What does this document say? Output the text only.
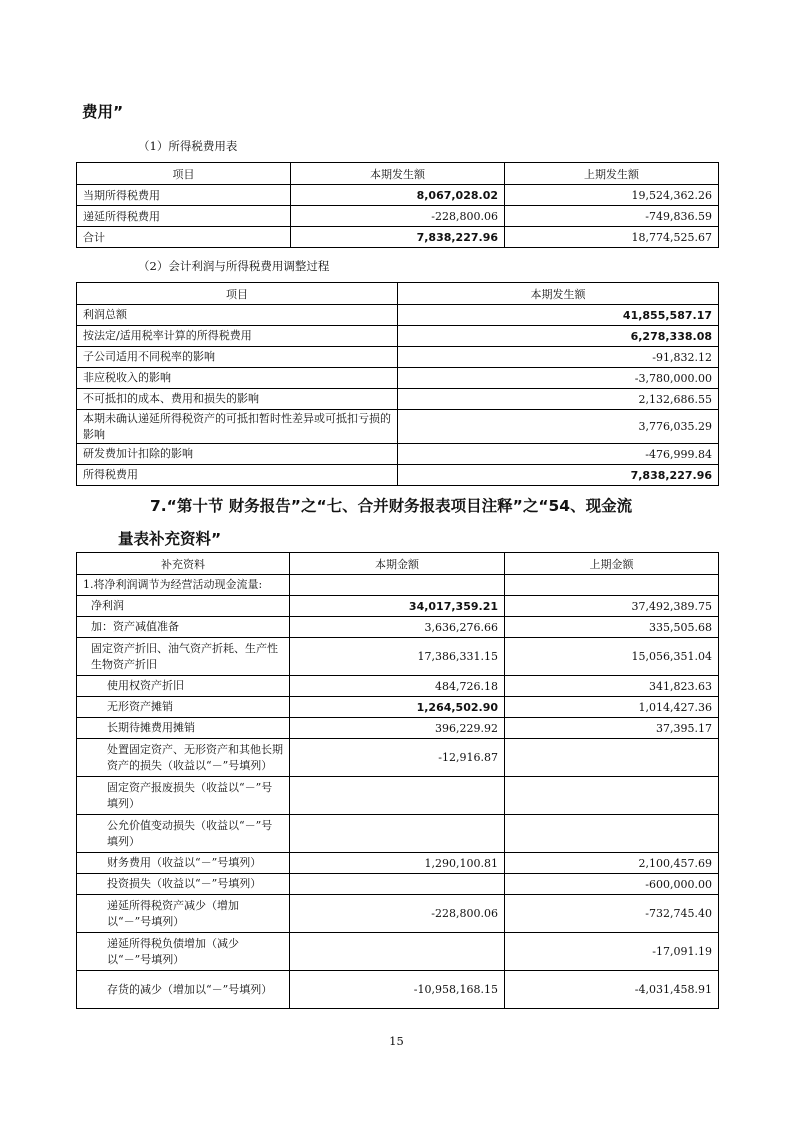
费用”
（1）所得税费用表
项目	本期发生额	上期发生额
当期所得税费用	8,067,028.02	19,524,362.26
递延所得税费用	-228,800.06	-749,836.59
合计	7,838,227.96	18,774,525.67
（2）会计利润与所得税费用调整过程
项目	本期发生额
利润总额	41,855,587.17
按法定/适用税率计算的所得税费用	6,278,338.08
子公司适用不同税率的影响	-91,832.12
非应税收入的影响	-3,780,000.00
不可抵扣的成本、费用和损失的影响	2,132,686.55
本期未确认递延所得税资产的可抵扣暂时性差异或可抵扣亏损的影响	3,776,035.29
研发费加计扣除的影响	-476,999.84
所得税费用	7,838,227.96
7.“第十节 财务报告”之“七、合并财务报表项目注释”之“54、现金流
量表补充资料”
补充资料	本期金额	上期金额
1.将净利润调节为经营活动现金流量:		
净利润	34,017,359.21	37,492,389.75
加：资产减值准备	3,636,276.66	335,505.68
固定资产折旧、油气资产折耗、生产性生物资产折旧	17,386,331.15	15,056,351.04
使用权资产折旧	484,726.18	341,823.63
无形资产摊销	1,264,502.90	1,014,427.36
长期待摊费用摊销	396,229.92	37,395.17
处置固定资产、无形资产和其他长期资产的损失（收益以“－”号填列）	-12,916.87	
固定资产报废损失（收益以“－”号填列）		
公允价值变动损失（收益以“－”号填列）		
财务费用（收益以“－”号填列）	1,290,100.81	2,100,457.69
投资损失（收益以“－”号填列）		-600,000.00
递延所得税资产减少（增加以“－”号填列）	-228,800.06	-732,745.40
递延所得税负债增加（减少以“－”号填列）		-17,091.19
存货的减少（增加以“－”号填列）	-10,958,168.15	-4,031,458.91
15
